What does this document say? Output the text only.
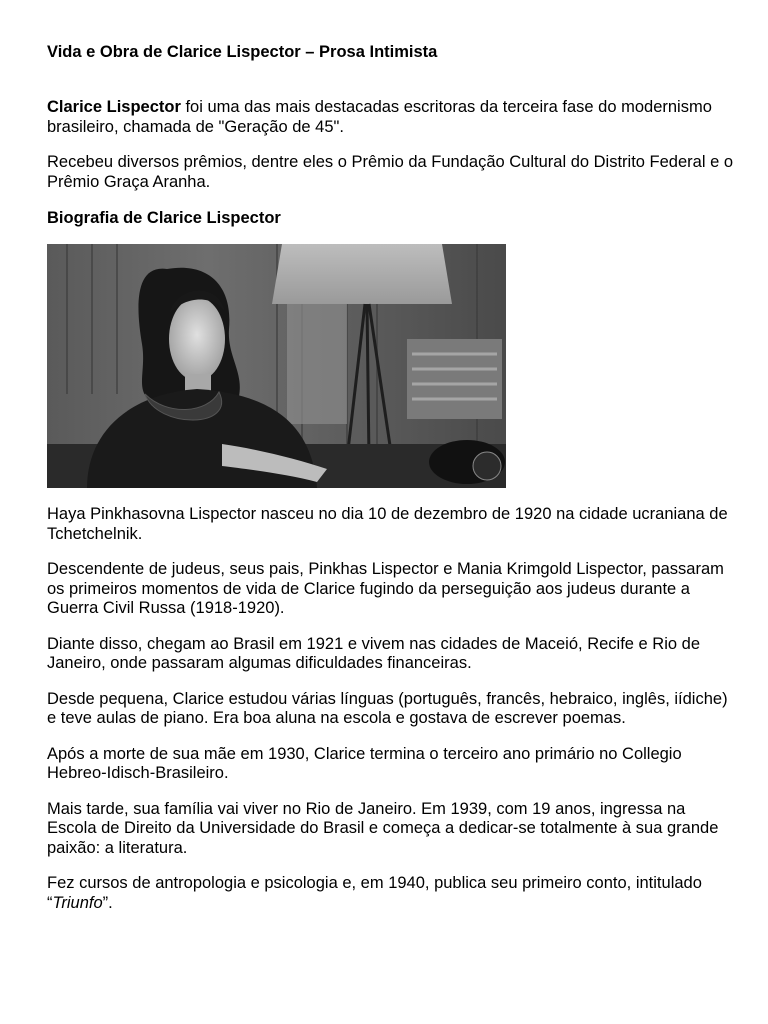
Vida e Obra de Clarice Lispector – Prosa Intimista

Clarice Lispector foi uma das mais destacadas escritoras da terceira fase do modernismo brasileiro, chamada de "Geração de 45".

Recebeu diversos prêmios, dentre eles o Prêmio da Fundação Cultural do Distrito Federal e o Prêmio Graça Aranha.

Biografia de Clarice Lispector

Haya Pinkhasovna Lispector nasceu no dia 10 de dezembro de 1920 na cidade ucraniana de Tchetchelnik.

Descendente de judeus, seus pais, Pinkhas Lispector e Mania Krimgold Lispector, passaram os primeiros momentos de vida de Clarice fugindo da perseguição aos judeus durante a Guerra Civil Russa (1918-1920).

Diante disso, chegam ao Brasil em 1921 e vivem nas cidades de Maceió, Recife e Rio de Janeiro, onde passaram algumas dificuldades financeiras.

Desde pequena, Clarice estudou várias línguas (português, francês, hebraico, inglês, iídiche) e teve aulas de piano. Era boa aluna na escola e gostava de escrever poemas.

Após a morte de sua mãe em 1930, Clarice termina o terceiro ano primário no Collegio Hebreo-Idisch-Brasileiro.

Mais tarde, sua família vai viver no Rio de Janeiro. Em 1939, com 19 anos, ingressa na Escola de Direito da Universidade do Brasil e começa a dedicar-se totalmente à sua grande paixão: a literatura.

Fez cursos de antropologia e psicologia e, em 1940, publica seu primeiro conto, intitulado “Triunfo”.
